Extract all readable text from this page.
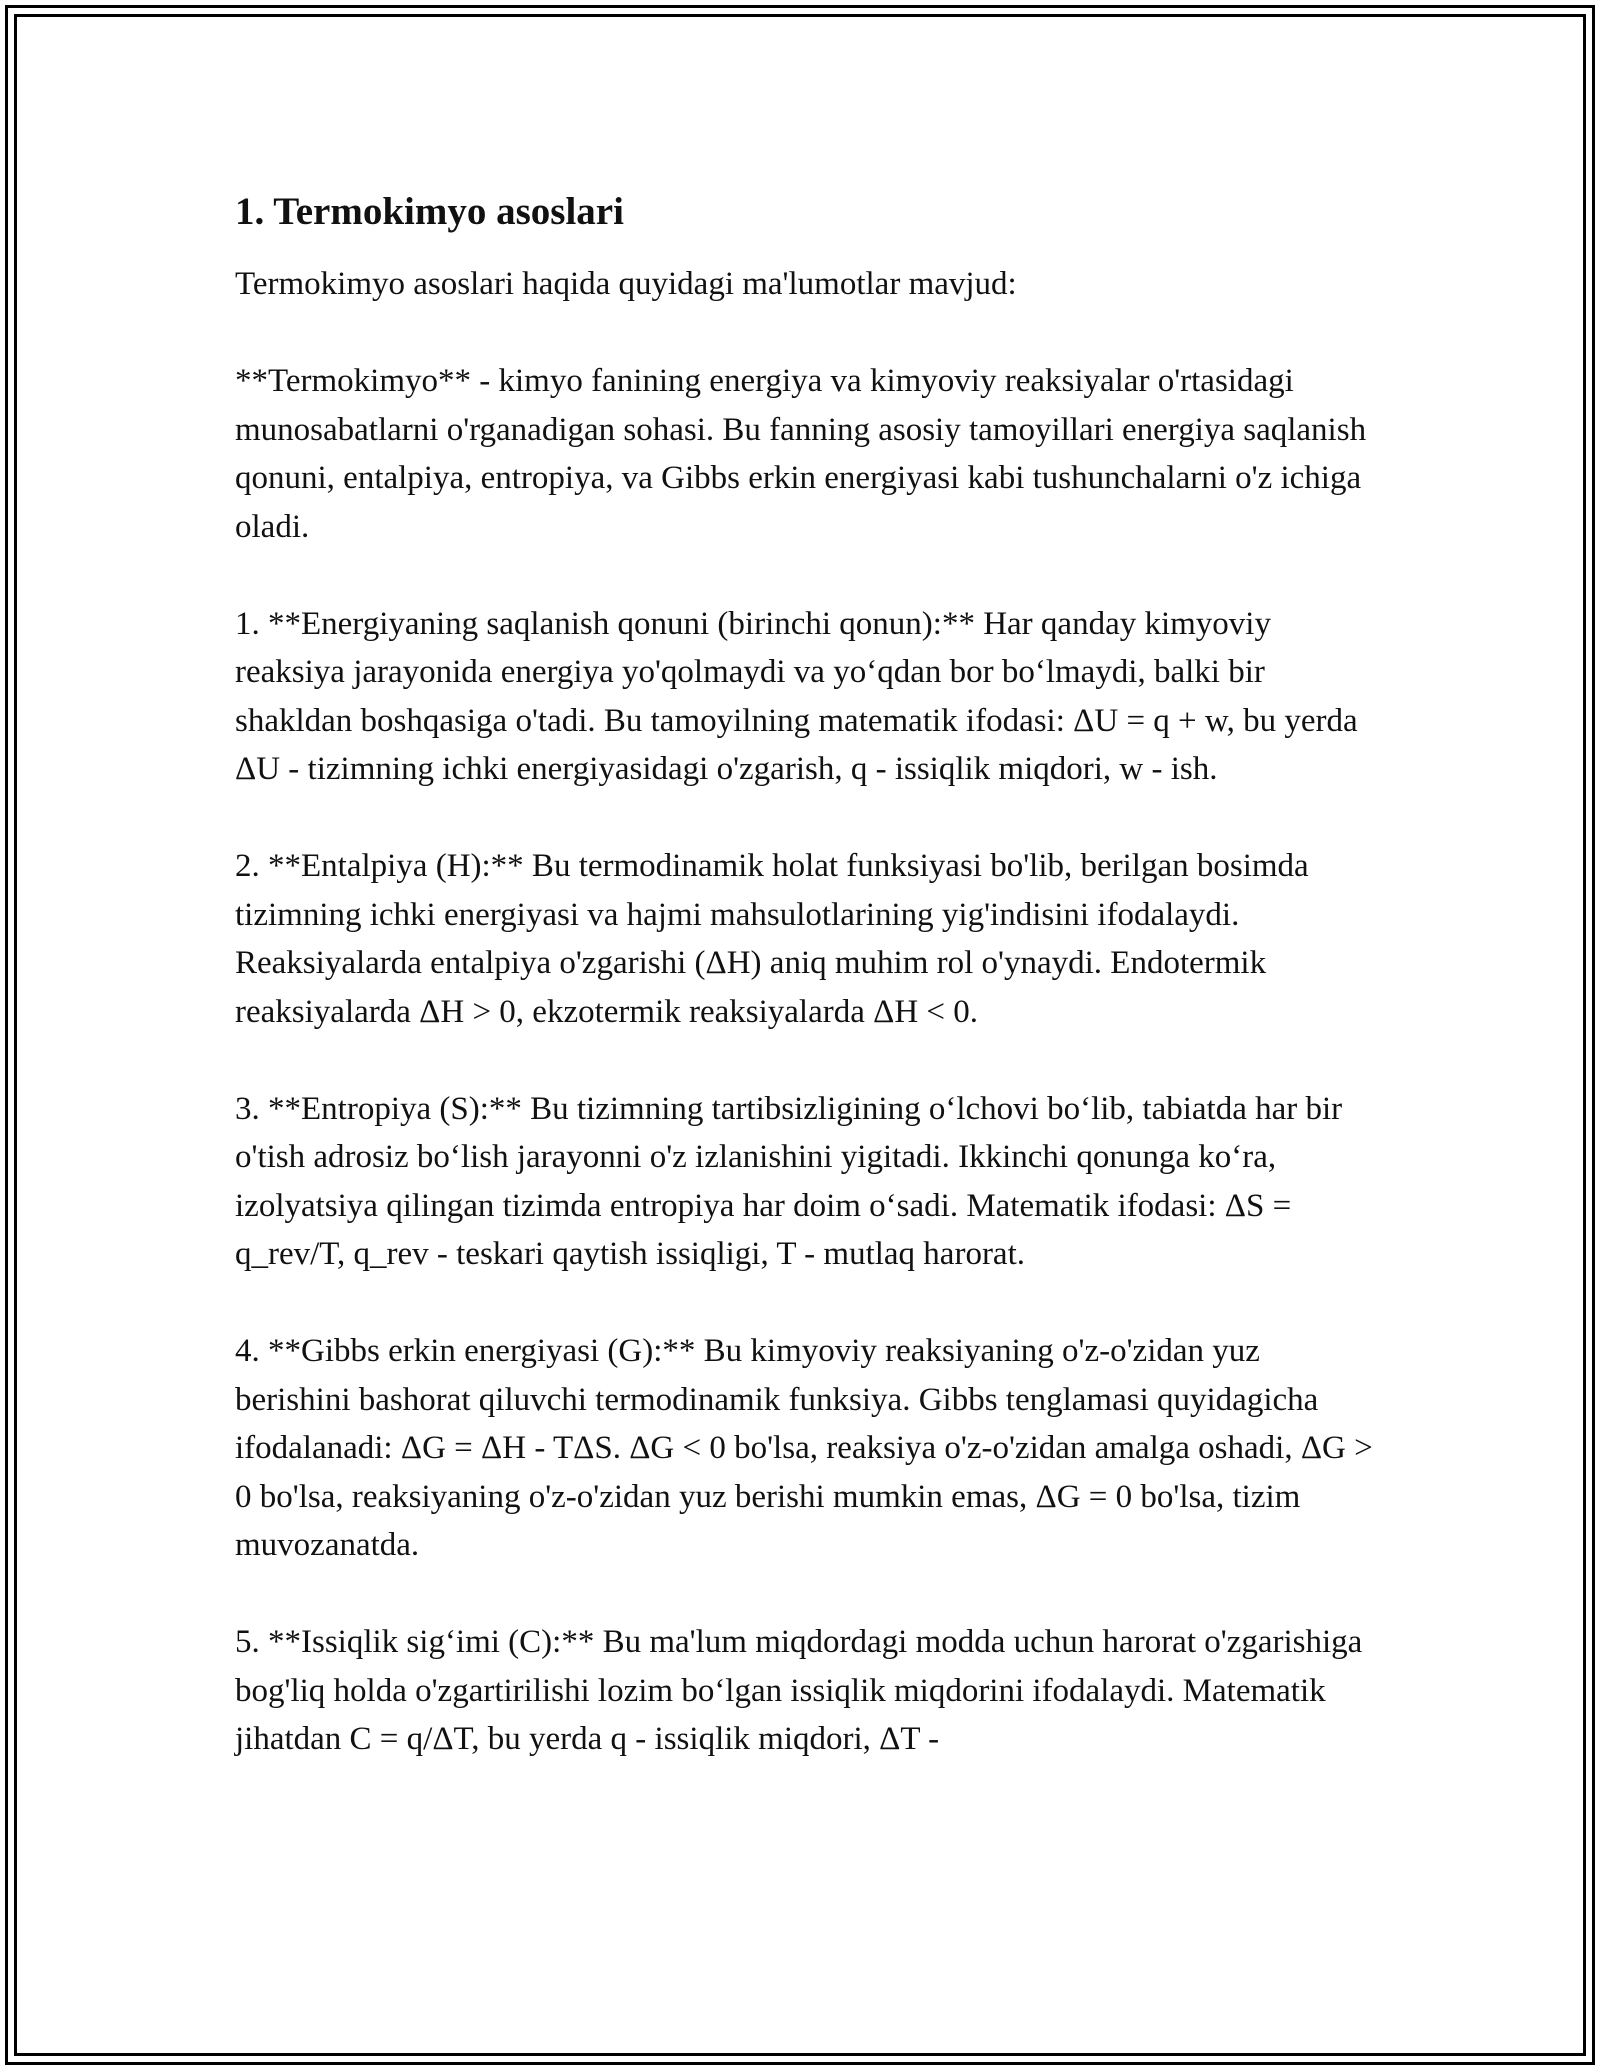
1. Termokimyo asoslari

Termokimyo asoslari haqida quyidagi ma'lumotlar mavjud:

**Termokimyo** - kimyo fanining energiya va kimyoviy reaksiyalar o'rtasidagi munosabatlarni o'rganadigan sohasi. Bu fanning asosiy tamoyillari energiya saqlanish qonuni, entalpiya, entropiya, va Gibbs erkin energiyasi kabi tushunchalarni o'z ichiga oladi.

1. **Energiyaning saqlanish qonuni (birinchi qonun):** Har qanday kimyoviy reaksiya jarayonida energiya yo'qolmaydi va yo‘qdan bor bo‘lmaydi, balki bir shakldan boshqasiga o'tadi. Bu tamoyilning matematik ifodasi: ΔU = q + w, bu yerda ΔU - tizimning ichki energiyasidagi o'zgarish, q - issiqlik miqdori, w - ish.

2. **Entalpiya (H):** Bu termodinamik holat funksiyasi bo'lib, berilgan bosimda tizimning ichki energiyasi va hajmi mahsulotlarining yig'indisini ifodalaydi. Reaksiyalarda entalpiya o'zgarishi (ΔH) aniq muhim rol o'ynaydi. Endotermik reaksiyalarda ΔH > 0, ekzotermik reaksiyalarda ΔH < 0.

3. **Entropiya (S):** Bu tizimning tartibsizligining o‘lchovi bo‘lib, tabiatda har bir o'tish adrosiz bo‘lish jarayonni o'z izlanishini yigitadi. Ikkinchi qonunga ko‘ra, izolyatsiya qilingan tizimda entropiya har doim o‘sadi. Matematik ifodasi: ΔS = q_rev/T, q_rev - teskari qaytish issiqligi, T - mutlaq harorat.

4. **Gibbs erkin energiyasi (G):** Bu kimyoviy reaksiyaning o'z-o'zidan yuz berishini bashorat qiluvchi termodinamik funksiya. Gibbs tenglamasi quyidagicha ifodalanadi: ΔG = ΔH - TΔS. ΔG < 0 bo'lsa, reaksiya o'z-o'zidan amalga oshadi, ΔG > 0 bo'lsa, reaksiyaning o'z-o'zidan yuz berishi mumkin emas, ΔG = 0 bo'lsa, tizim muvozanatda.

5. **Issiqlik sig‘imi (C):** Bu ma'lum miqdordagi modda uchun harorat o'zgarishiga bog'liq holda o'zgartirilishi lozim bo‘lgan issiqlik miqdorini ifodalaydi. Matematik jihatdan C = q/ΔT, bu yerda q - issiqlik miqdori, ΔT -
